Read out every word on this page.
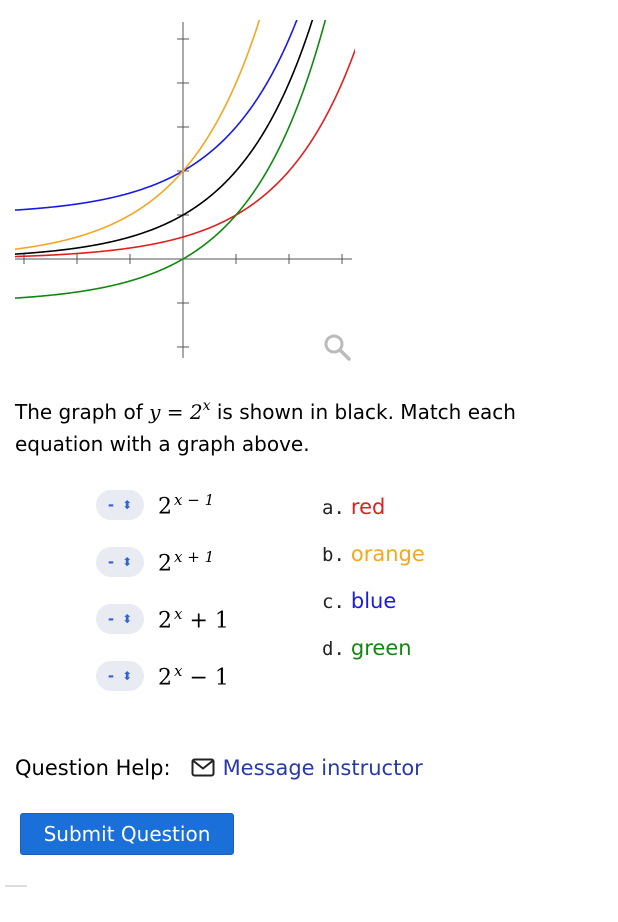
The graph of $y = 2^x$ is shown in black. Match each equation with a graph above.
- ⬍ 2 $^{x - 1}$
- ⬍ 2 $^{x + 1}$
- ⬍ 2 $^x$ + 1
- ⬍ 2 $^x$ − 1
a. red
b. orange
c. blue
d. green
Question Help: Message instructor
Submit Question
